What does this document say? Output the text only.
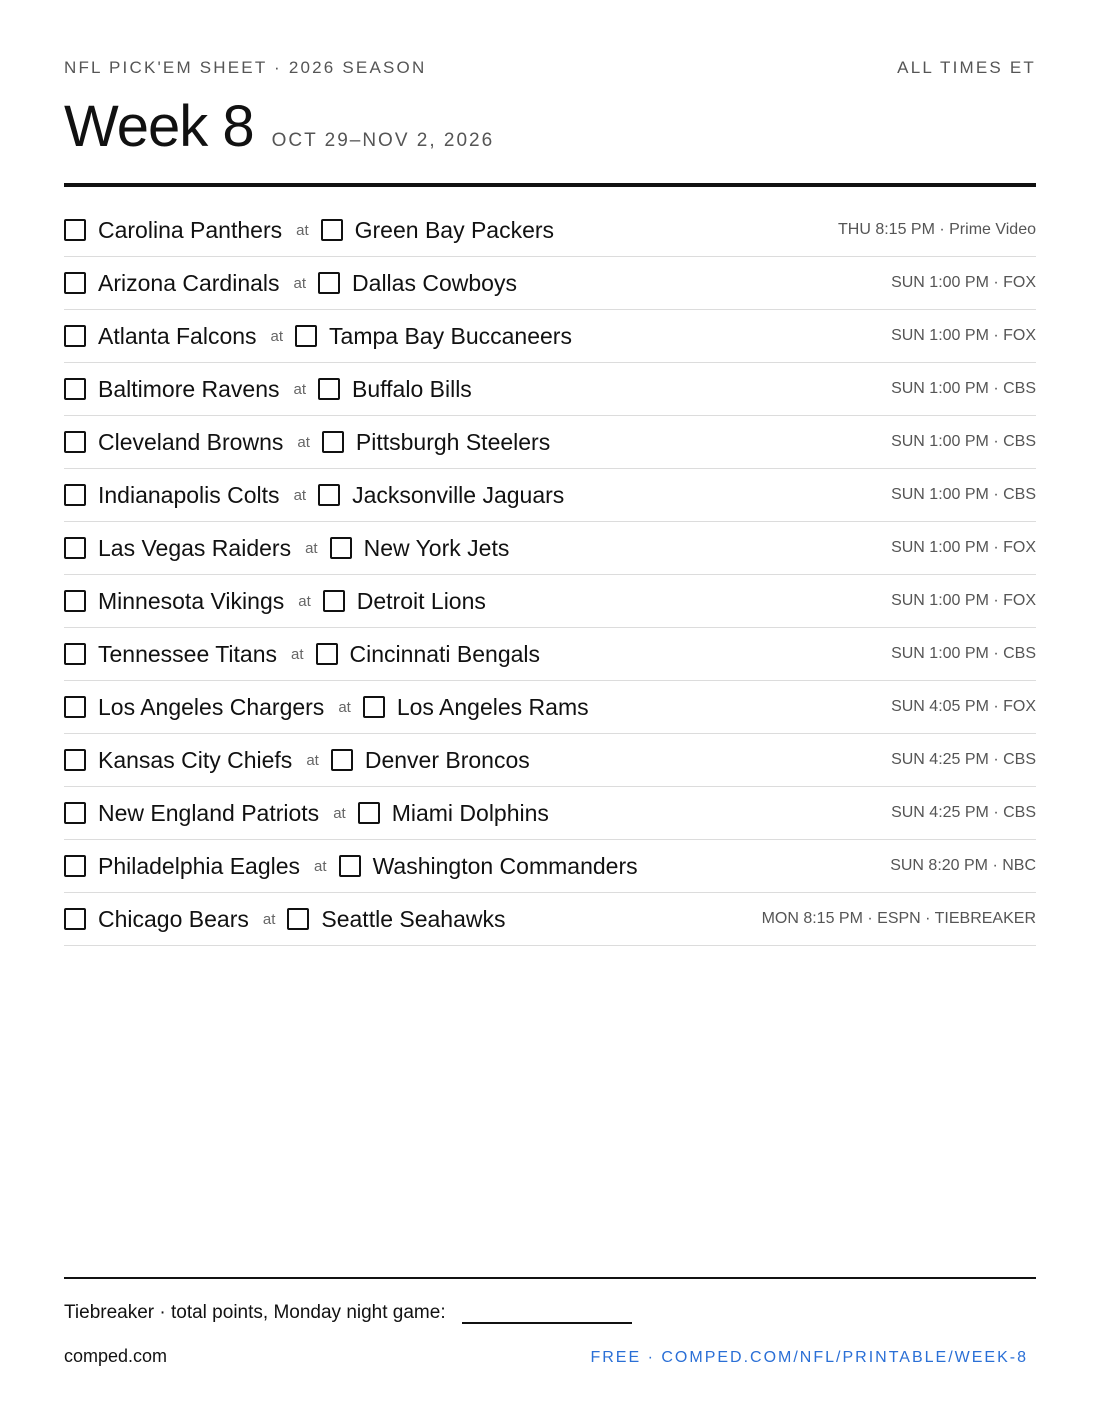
NFL PICK'EM SHEET · 2026 SEASON	ALL TIMES ET
Week 8 OCT 29–NOV 2, 2026
Carolina Panthers at Green Bay Packers	THU 8:15 PM · Prime Video
Arizona Cardinals at Dallas Cowboys	SUN 1:00 PM · FOX
Atlanta Falcons at Tampa Bay Buccaneers	SUN 1:00 PM · FOX
Baltimore Ravens at Buffalo Bills	SUN 1:00 PM · CBS
Cleveland Browns at Pittsburgh Steelers	SUN 1:00 PM · CBS
Indianapolis Colts at Jacksonville Jaguars	SUN 1:00 PM · CBS
Las Vegas Raiders at New York Jets	SUN 1:00 PM · FOX
Minnesota Vikings at Detroit Lions	SUN 1:00 PM · FOX
Tennessee Titans at Cincinnati Bengals	SUN 1:00 PM · CBS
Los Angeles Chargers at Los Angeles Rams	SUN 4:05 PM · FOX
Kansas City Chiefs at Denver Broncos	SUN 4:25 PM · CBS
New England Patriots at Miami Dolphins	SUN 4:25 PM · CBS
Philadelphia Eagles at Washington Commanders	SUN 8:20 PM · NBC
Chicago Bears at Seattle Seahawks	MON 8:15 PM · ESPN · TIEBREAKER
Tiebreaker · total points, Monday night game:
comped.com	FREE · COMPED.COM/NFL/PRINTABLE/WEEK-8
